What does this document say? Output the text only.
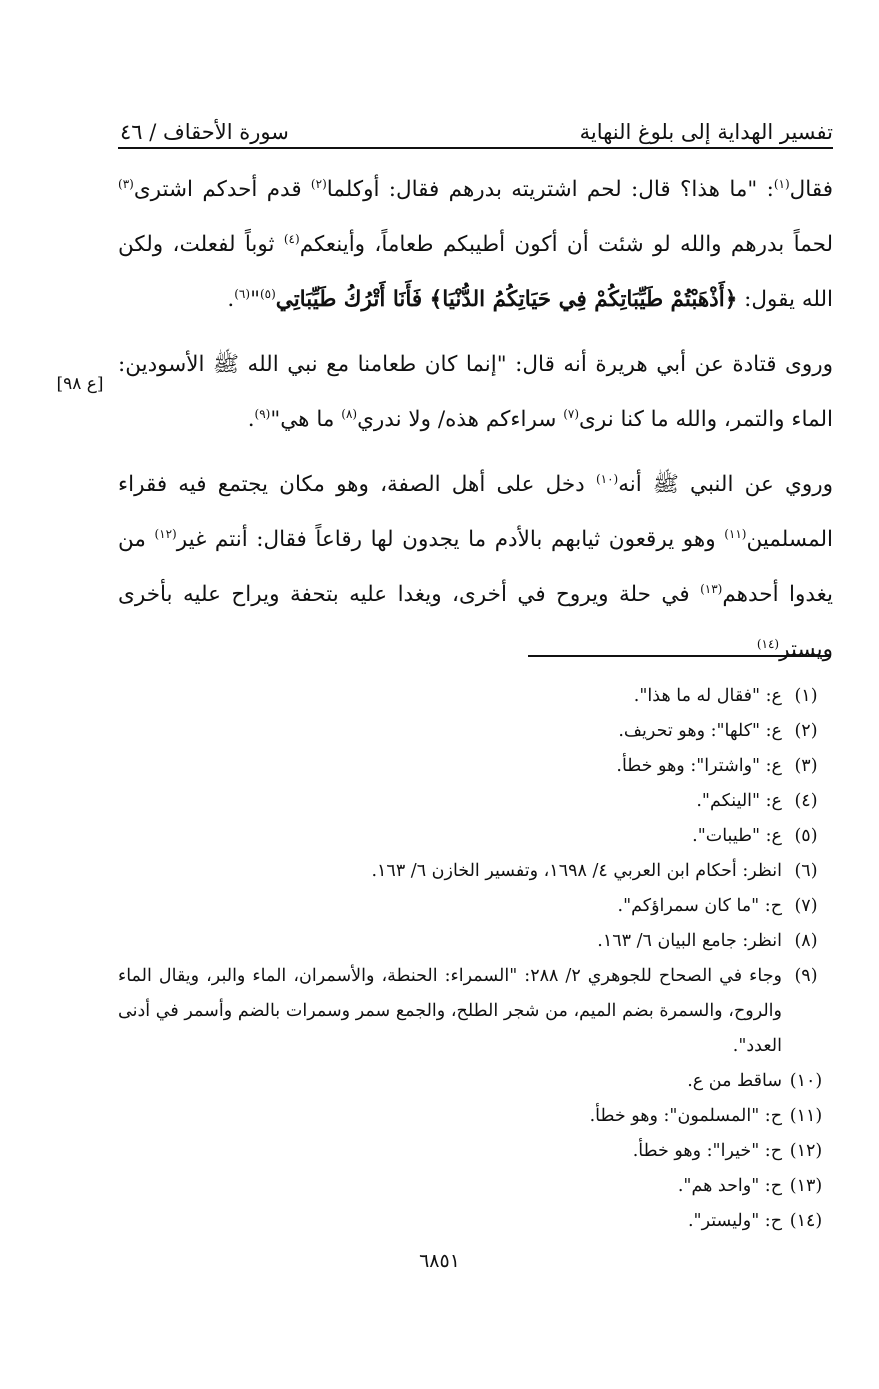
تفسير الهداية إلى بلوغ النهاية
سورة الأحقاف / ٤٦

فقال$^{(١)}$: "ما هذا؟ قال: لحم اشتريته بدرهم فقال: أوكلما$^{(٢)}$ قدم أحدكم اشترى$^{(٣)}$ لحماً بدرهم والله لو شئت أن أكون أطيبكم طعاماً، وأينعكم$^{(٤)}$ ثوباً لفعلت، ولكن الله يقول: ﴿أَذْهَبْتُمْ طَيِّبَاتِكُمْ فِي حَيَاتِكُمُ الدُّنْيَا﴾ فَأَنَا أَتْرُكُ طَيِّبَاتِي$^{(٥)}$"$^{(٦)}$.

وروى قتادة عن أبي هريرة أنه قال: "إنما كان طعامنا مع نبي الله ﷺ الأسودين: الماء والتمر، والله ما كنا نرى$^{(٧)}$ سراءكم هذه/ ولا ندري$^{(٨)}$ ما هي"$^{(٩)}$.

وروي عن النبي ﷺ أنه$^{(١٠)}$ دخل على أهل الصفة، وهو مكان يجتمع فيه فقراء المسلمين$^{(١١)}$ وهو يرقعون ثيابهم بالأدم ما يجدون لها رقاعاً فقال: أنتم غير$^{(١٢)}$ من يغدوا أحدهم$^{(١٣)}$ في حلة ويروح في أخرى، ويغدا عليه بتحفة ويراح عليه بأخرى ويستر$^{(١٤)}$

[ع ٩٨]
(١)
ع: "فقال له ما هذا".
(٢)
ع: "كلها": وهو تحريف.
(٣)
ع: "واشترا": وهو خطأ.
(٤)
ع: "الينكم".
(٥)
ع: "طيبات".
(٦)
انظر: أحكام ابن العربي ٤/ ١٦٩٨، وتفسير الخازن ٦/ ١٦٣.
(٧)
ح: "ما كان سمراؤكم".
(٨)
انظر: جامع البيان ٦/ ١٦٣.
(٩)
وجاء في الصحاح للجوهري ٢/ ٢٨٨: "السمراء: الحنطة، والأسمران، الماء والبر، ويقال الماء والروح، والسمرة بضم الميم، من شجر الطلح، والجمع سمر وسمرات بالضم وأسمر في أدنى العدد".
(١٠)
ساقط من ع.
(١١)
ح: "المسلمون": وهو خطأ.
(١٢)
ح: "خيرا": وهو خطأ.
(١٣)
ح: "واحد هم".
(١٤)
ح: "وليستر".
٦٨٥١
